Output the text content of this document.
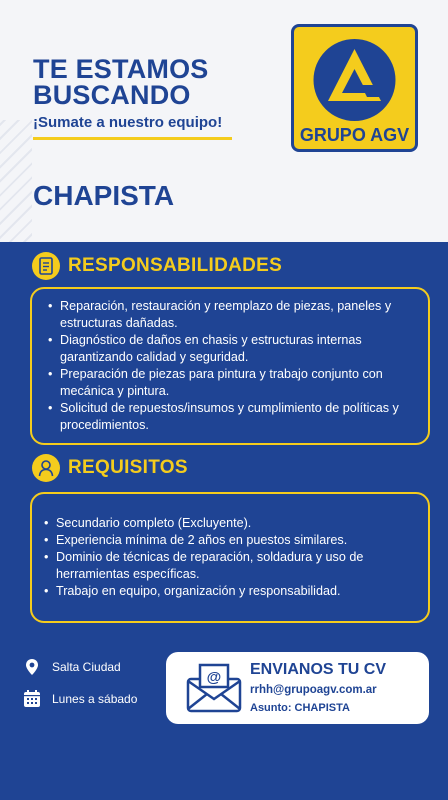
TE ESTAMOS BUSCANDO
¡Sumate a nuestro equipo!
CHAPISTA
GRUPO AGV
RESPONSABILIDADES
• Reparación, restauración y reemplazo de piezas, paneles y estructuras dañadas.
• Diagnóstico de daños en chasis y estructuras internas garantizando calidad y seguridad.
• Preparación de piezas para pintura y trabajo conjunto con mecánica y pintura.
• Solicitud de repuestos/insumos y cumplimiento de políticas y procedimientos.
REQUISITOS
• Secundario completo (Excluyente).
• Experiencia mínima de 2 años en puestos similares.
• Dominio de técnicas de reparación, soldadura y uso de herramientas específicas.
• Trabajo en equipo, organización y responsabilidad.
Salta Ciudad
Lunes a sábado
@ ENVIANOS TU CV
rrhh@grupoagv.com.ar
Asunto: CHAPISTA
